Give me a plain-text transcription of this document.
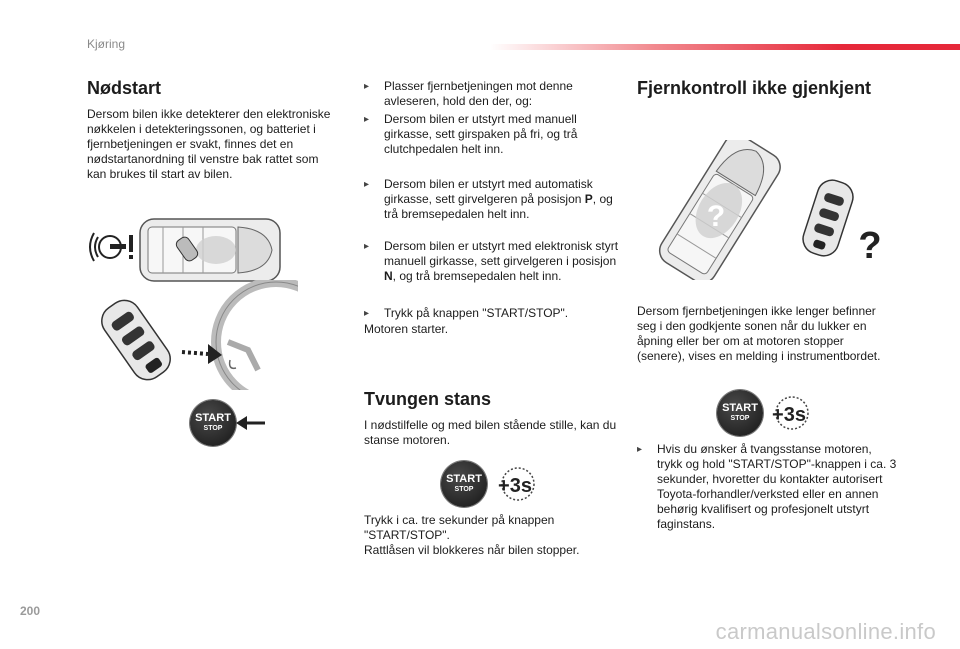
Kjøring
Nødstart

Dersom bilen ikke detekterer den elektroniske nøkkelen i detekteringssonen, og batteriet i fjernbetjeningen er svakt, finnes det en nødstartanordning til venstre bak rattet som kan brukes til start av bilen.

START
STOP
▸ Plasser fjernbetjeningen mot denne avleseren, hold den der, og:
▸ Dersom bilen er utstyrt med manuell girkasse, sett girspaken på fri, og trå clutchpedalen helt inn.
▸ Dersom bilen er utstyrt med automatisk girkasse, sett girvelgeren på posisjon P, og trå bremsepedalen helt inn.
▸ Dersom bilen er utstyrt med elektronisk styrt manuell girkasse, sett girvelgeren i posisjon N, og trå bremsepedalen helt inn.
▸ Trykk på knappen "START/STOP".

Motoren starter.

Tvungen stans

I nødstilfelle og med bilen stående stille, kan du stanse motoren.

START
STOP	+3s

Trykk i ca. tre sekunder på knappen
"START/STOP".
Rattlåsen vil blokkeres når bilen stopper.

Fjernkontroll ikke gjenkjent
?
?

Dersom fjernbetjeningen ikke lenger befinner seg i den godkjente sonen når du lukker en åpning eller ber om at motoren stopper (senere), vises en melding i instrumentbordet.

START
STOP	+3s
▸ Hvis du ønsker å tvangsstanse motoren, trykk og hold "START/STOP"-knappen i ca. 3 sekunder, hvoretter du kontakter autorisert Toyota-forhandler/verksted eller en annen behørig kvalifisert og profesjonelt utstyrt faginstans.
200
carmanualsonline.info
